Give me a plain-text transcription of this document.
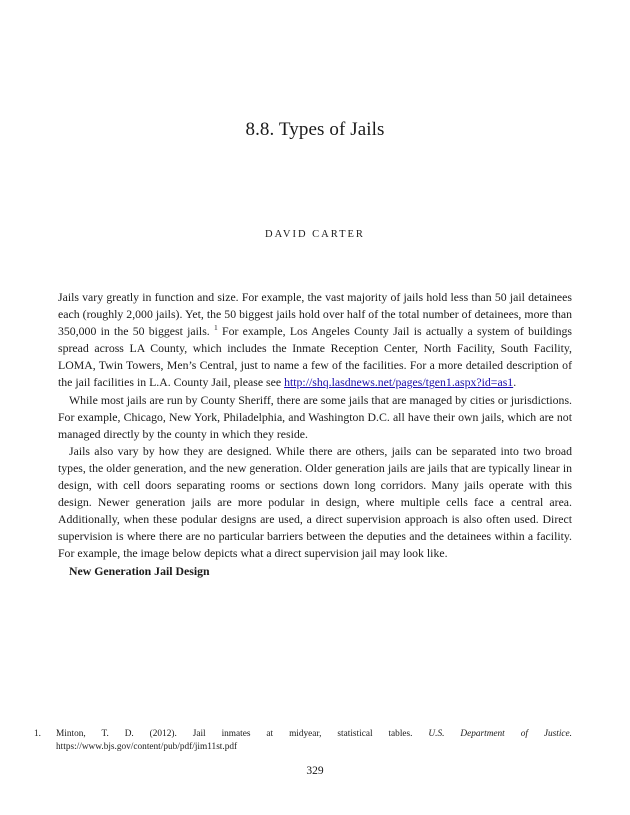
8.8. Types of Jails
DAVID CARTER

Jails vary greatly in function and size. For example, the vast majority of jails hold less than 50 jail detainees each (roughly 2,000 jails). Yet, the 50 biggest jails hold over half of the total number of detainees, more than 350,000 in the 50 biggest jails. $^1$ For example, Los Angeles County Jail is actually a system of buildings spread across LA County, which includes the Inmate Reception Center, North Facility, South Facility, LOMA, Twin Towers, Men’s Central, just to name a few of the facilities. For a more detailed description of the jail facilities in L.A. County Jail, please see http://shq.lasdnews.net/pages/tgen1.aspx?id=as1.

While most jails are run by County Sheriff, there are some jails that are managed by cities or jurisdictions. For example, Chicago, New York, Philadelphia, and Washington D.C. all have their own jails, which are not managed directly by the county in which they reside.

Jails also vary by how they are designed. While there are others, jails can be separated into two broad types, the older generation, and the new generation. Older generation jails are jails that are typically linear in design, with cell doors separating rooms or sections down long corridors. Many jails operate with this design. Newer generation jails are more podular in design, where multiple cells face a central area. Additionally, when these podular designs are used, a direct supervision approach is also often used. Direct supervision is where there are no particular barriers between the deputies and the detainees within a facility. For example, the image below depicts what a direct supervision jail may look like.

New Generation Jail Design

1. Minton, T. D. (2012). Jail inmates at midyear, statistical tables. U.S. Department of Justice. https://www.bjs.gov/content/pub/pdf/jim11st.pdf
329
